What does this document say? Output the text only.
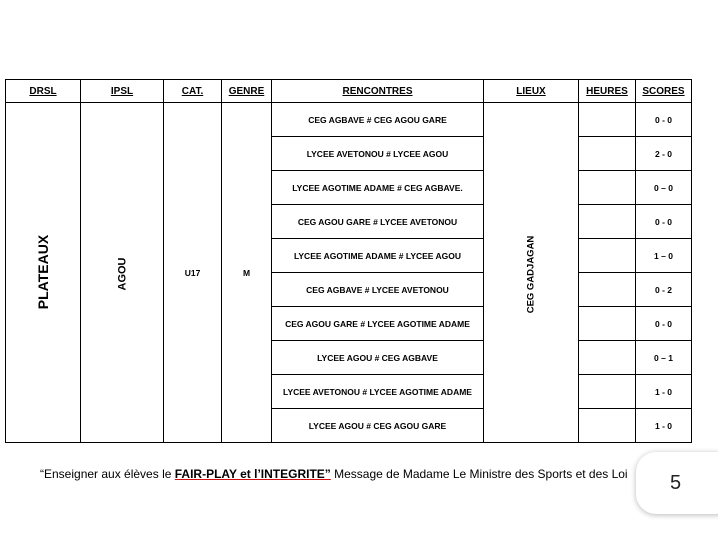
DRSL	IPSL	CAT.	GENRE	RENCONTRES	LIEUX	HEURES	SCORES
PLATEAUX	AGOU	U17	M	CEG AGBAVE # CEG AGOU GARE	CEG GADJAGAN		0 - 0
				LYCEE AVETONOU # LYCEE AGOU			2 - 0
				LYCEE AGOTIME ADAME # CEG AGBAVE.			0 – 0
				CEG AGOU GARE # LYCEE AVETONOU			0 - 0
				LYCEE AGOTIME ADAME # LYCEE AGOU			1 – 0
				CEG AGBAVE # LYCEE AVETONOU			0 - 2
				CEG AGOU GARE # LYCEE AGOTIME ADAME			0 - 0
				LYCEE AGOU # CEG AGBAVE			0 – 1
				LYCEE AVETONOU # LYCEE AGOTIME ADAME			1 - 0
				LYCEE AGOU # CEG AGOU GARE			1 - 0
“Enseigner aux élèves le FAIR-PLAY et l’INTEGRITE” Message de Madame Le Ministre des Sports et des Loi 5
